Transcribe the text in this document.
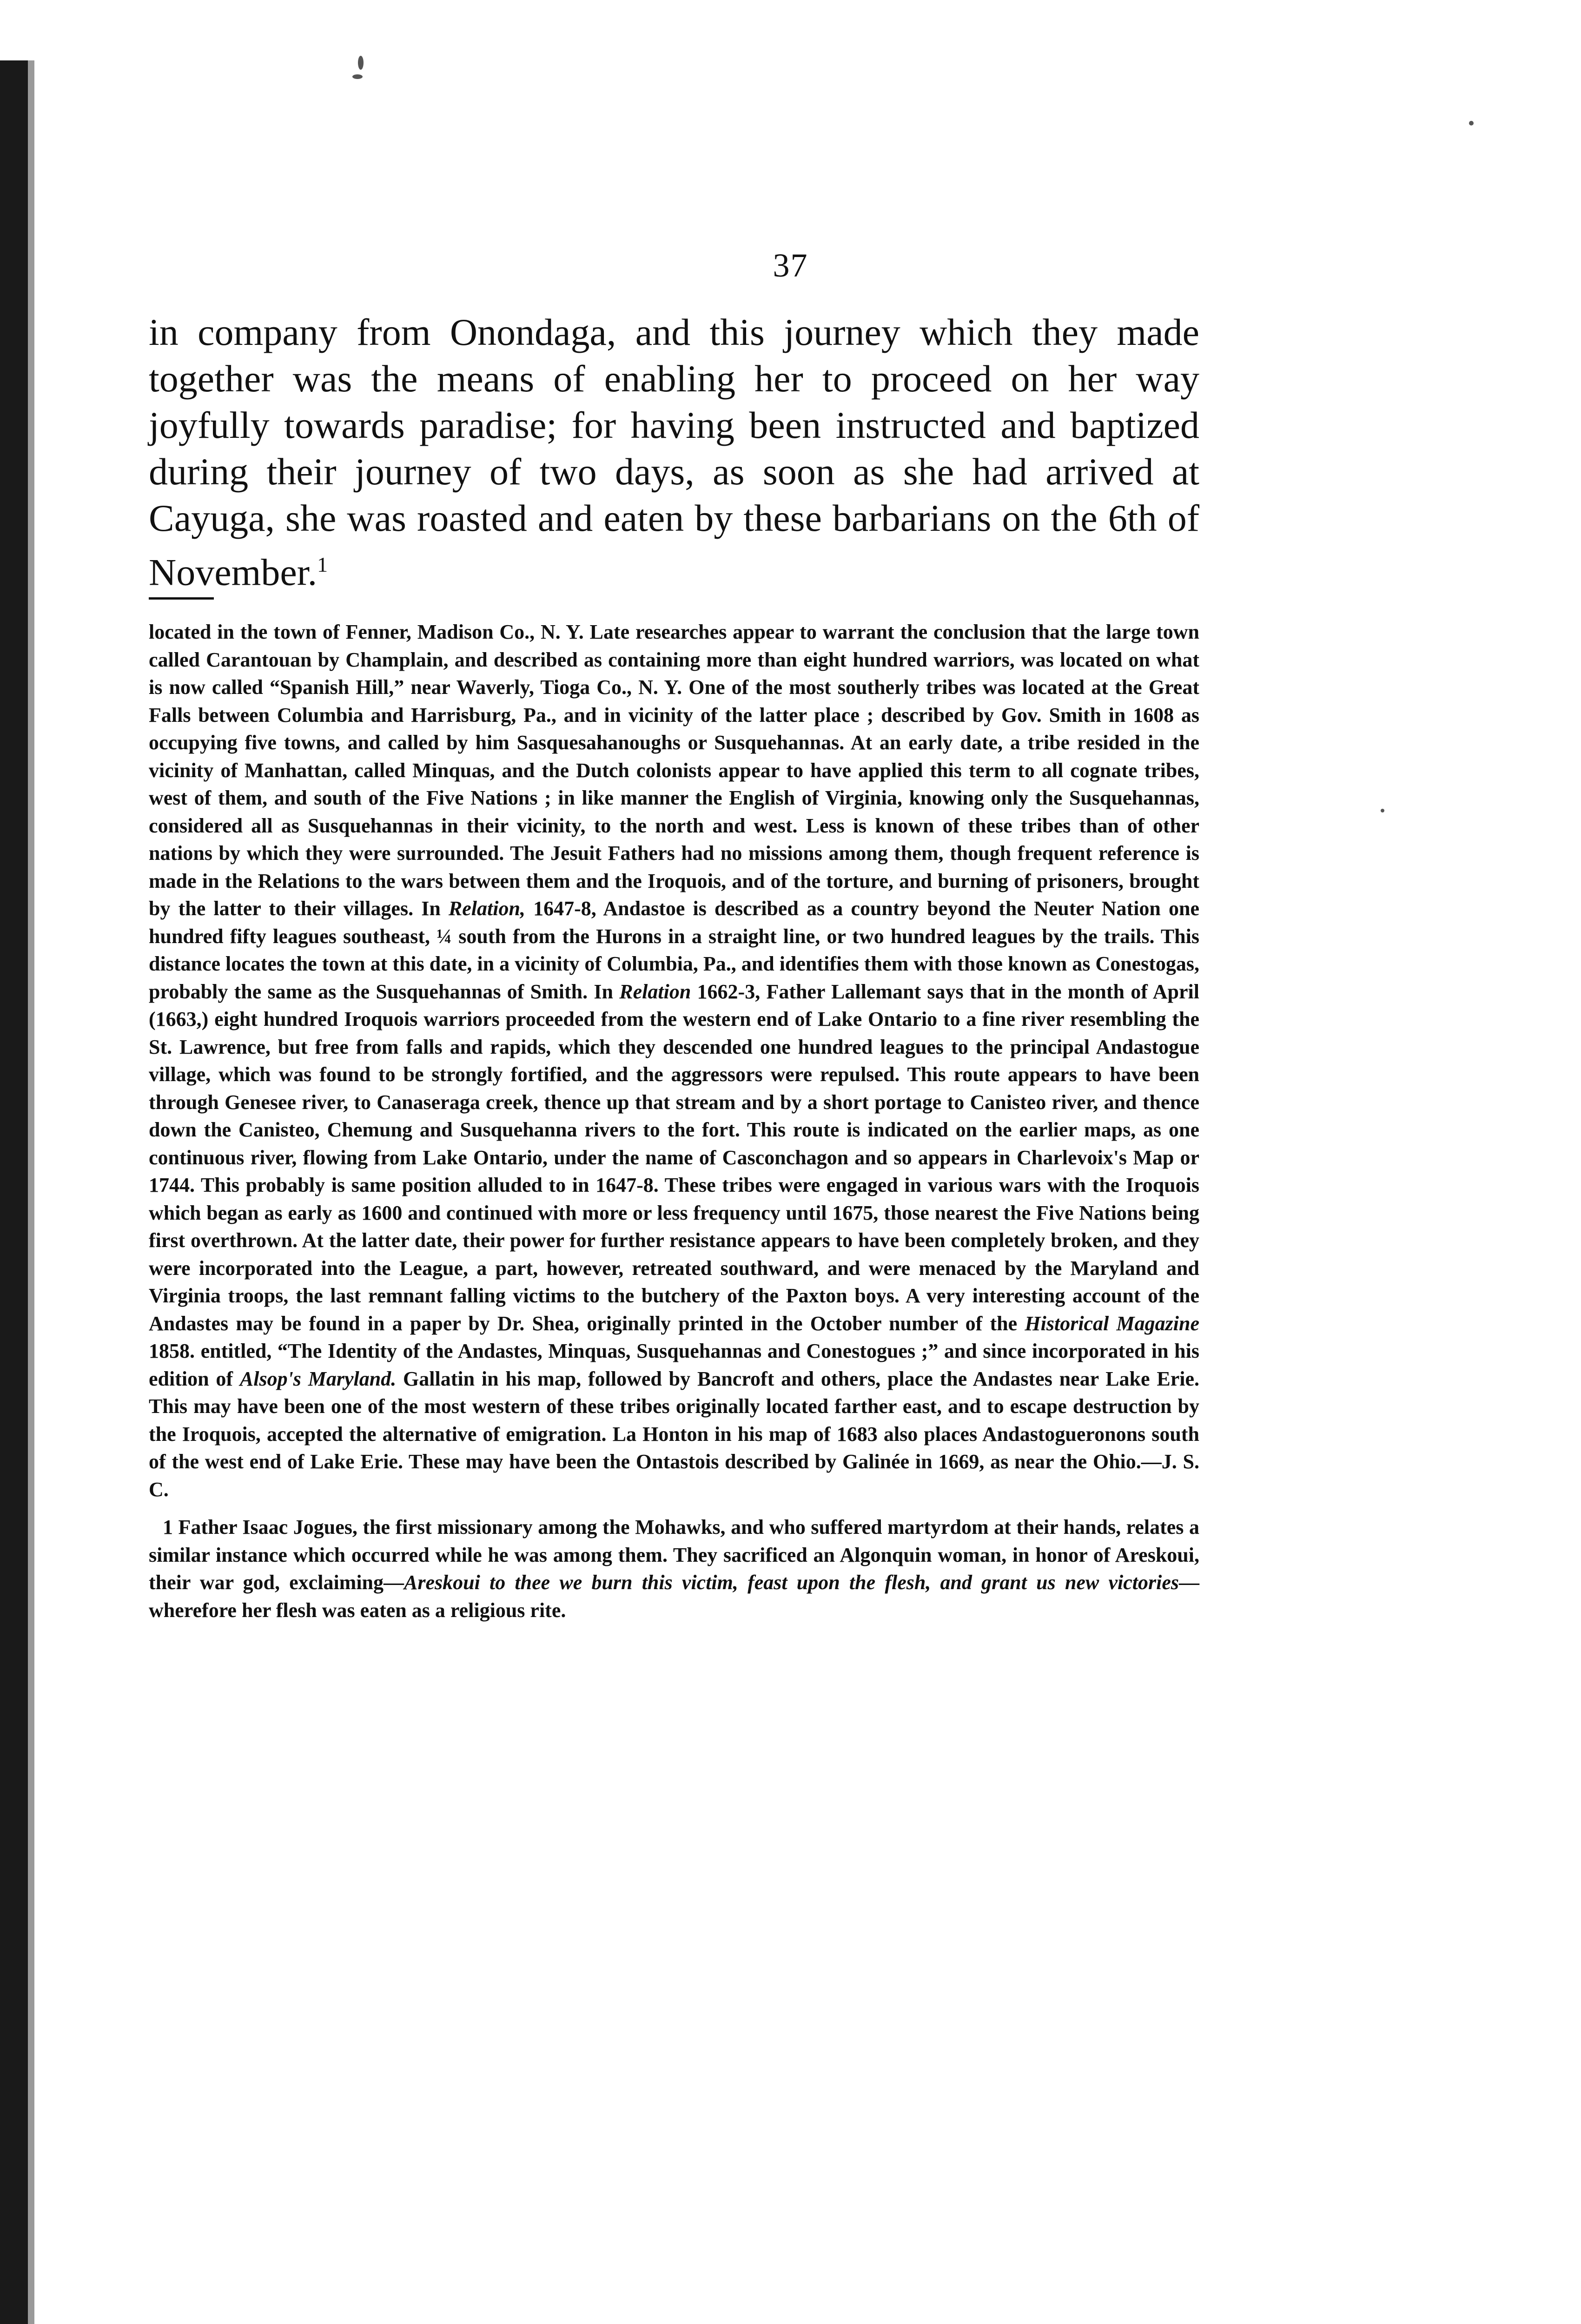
37

in company from Onondaga, and this journey which they made together was the means of enabling her to proceed on her way joyfully towards paradise; for having been instructed and baptized during their journey of two days, as soon as she had arrived at Cayuga, she was roasted and eaten by these barbarians on the 6th of November.$^1$

located in the town of Fenner, Madison Co., N. Y. Late researches appear to warrant the conclusion that the large town called Carantouan by Champlain, and described as containing more than eight hundred warriors, was located on what is now called “Spanish Hill,” near Waverly, Tioga Co., N. Y. One of the most southerly tribes was located at the Great Falls between Columbia and Harrisburg, Pa., and in vicinity of the latter place ; described by Gov. Smith in 1608 as occupying five towns, and called by him Sasquesahanoughs or Susquehannas. At an early date, a tribe resided in the vicinity of Manhattan, called Minquas, and the Dutch colonists appear to have applied this term to all cognate tribes, west of them, and south of the Five Nations ; in like manner the English of Virginia, knowing only the Susquehannas, considered all as Susquehannas in their vicinity, to the north and west. Less is known of these tribes than of other nations by which they were surrounded. The Jesuit Fathers had no missions among them, though frequent reference is made in the Relations to the wars between them and the Iroquois, and of the torture, and burning of prisoners, brought by the latter to their villages. In Relation, 1647-8, Andastoe is described as a country beyond the Neuter Nation one hundred fifty leagues southeast, ¼ south from the Hurons in a straight line, or two hundred leagues by the trails. This distance locates the town at this date, in a vicinity of Columbia, Pa., and identifies them with those known as Conestogas, probably the same as the Susquehannas of Smith. In Relation 1662-3, Father Lallemant says that in the month of April (1663,) eight hundred Iroquois warriors proceeded from the western end of Lake Ontario to a fine river resembling the St. Lawrence, but free from falls and rapids, which they descended one hundred leagues to the principal Andastogue village, which was found to be strongly fortified, and the aggressors were repulsed. This route appears to have been through Genesee river, to Canaseraga creek, thence up that stream and by a short portage to Canisteo river, and thence down the Canisteo, Chemung and Susquehanna rivers to the fort. This route is indicated on the earlier maps, as one continuous river, flowing from Lake Ontario, under the name of Casconchagon and so appears in Charlevoix's Map or 1744. This probably is same position alluded to in 1647-8. These tribes were engaged in various wars with the Iroquois which began as early as 1600 and continued with more or less frequency until 1675, those nearest the Five Nations being first overthrown. At the latter date, their power for further resistance appears to have been completely broken, and they were incorporated into the League, a part, however, retreated southward, and were menaced by the Maryland and Virginia troops, the last remnant falling victims to the butchery of the Paxton boys. A very interesting account of the Andastes may be found in a paper by Dr. Shea, originally printed in the October number of the Historical Magazine 1858. entitled, “The Identity of the Andastes, Minquas, Susquehannas and Conestogues ;” and since incorporated in his edition of Alsop's Maryland. Gallatin in his map, followed by Bancroft and others, place the Andastes near Lake Erie. This may have been one of the most western of these tribes originally located farther east, and to escape destruction by the Iroquois, accepted the alternative of emigration. La Honton in his map of 1683 also places Andastogueronons south of the west end of Lake Erie. These may have been the Ontastois described by Galinée in 1669, as near the Ohio.—J. S. C.

1 Father Isaac Jogues, the first missionary among the Mohawks, and who suffered martyrdom at their hands, relates a similar instance which occurred while he was among them. They sacrificed an Algonquin woman, in honor of Areskoui, their war god, exclaiming—Areskoui to thee we burn this victim, feast upon the flesh, and grant us new victories—wherefore her flesh was eaten as a religious rite.
